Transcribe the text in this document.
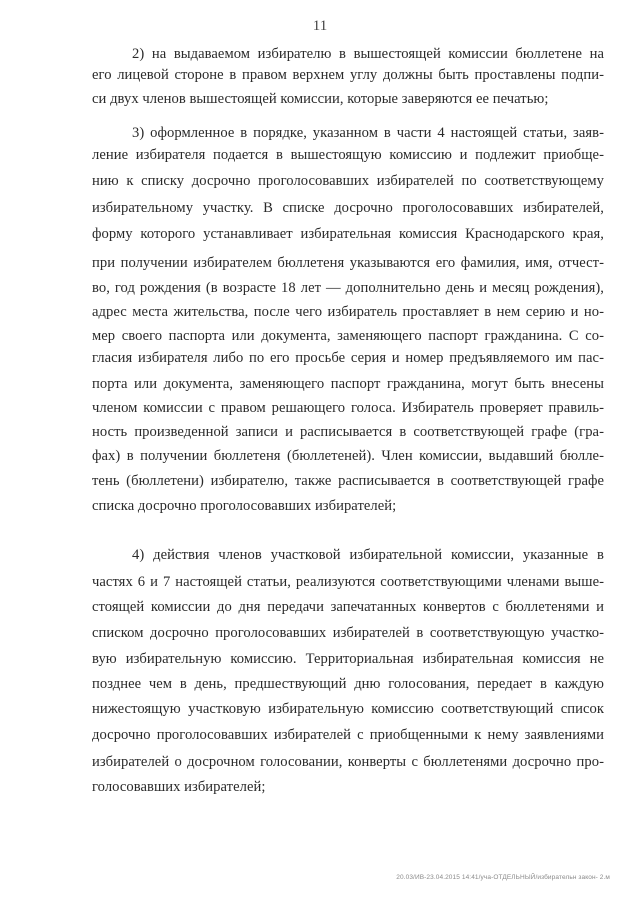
11
2) на выдаваемом избирателю в вышестоящей комиссии бюллетене на
его лицевой стороне в правом верхнем углу должны быть проставлены подпи-
си двух членов вышестоящей комиссии, которые заверяются ее печатью;
3) оформленное в порядке, указанном в части 4 настоящей статьи, заяв-
ление избирателя подается в вышестоящую комиссию и подлежит приобще-
нию к списку досрочно проголосовавших избирателей по соответствующему
избирательному участку. В списке досрочно проголосовавших избирателей,
форму которого устанавливает избирательная комиссия Краснодарского края,
при получении избирателем бюллетеня указываются его фамилия, имя, отчест-
во, год рождения (в возрасте 18 лет — дополнительно день и месяц рождения),
адрес места жительства, после чего избиратель проставляет в нем серию и но-
мер своего паспорта или документа, заменяющего паспорт гражданина. С со-
гласия избирателя либо по его просьбе серия и номер предъявляемого им пас-
порта или документа, заменяющего паспорт гражданина, могут быть внесены
членом комиссии с правом решающего голоса. Избиратель проверяет правиль-
ность произведенной записи и расписывается в соответствующей графе (гра-
фах) в получении бюллетеня (бюллетеней). Член комиссии, выдавший бюлле-
тень (бюллетени) избирателю, также расписывается в соответствующей графе
списка досрочно проголосовавших избирателей;
4) действия членов участковой избирательной комиссии, указанные в
частях 6 и 7 настоящей статьи, реализуются соответствующими членами выше-
стоящей комиссии до дня передачи запечатанных конвертов с бюллетенями и
списком досрочно проголосовавших избирателей в соответствующую участко-
вую избирательную комиссию. Территориальная избирательная комиссия не
позднее чем в день, предшествующий дню голосования, передает в каждую
нижестоящую участковую избирательную комиссию соответствующий список
досрочно проголосовавших избирателей с приобщенными к нему заявлениями
избирателей о досрочном голосовании, конверты с бюллетенями досрочно про-
голосовавших избирателей;
20.03/ИВ-23.04.2015 14:41/уча-ОТДЕЛЬНЫЙ/избирательн закон- 2.м
